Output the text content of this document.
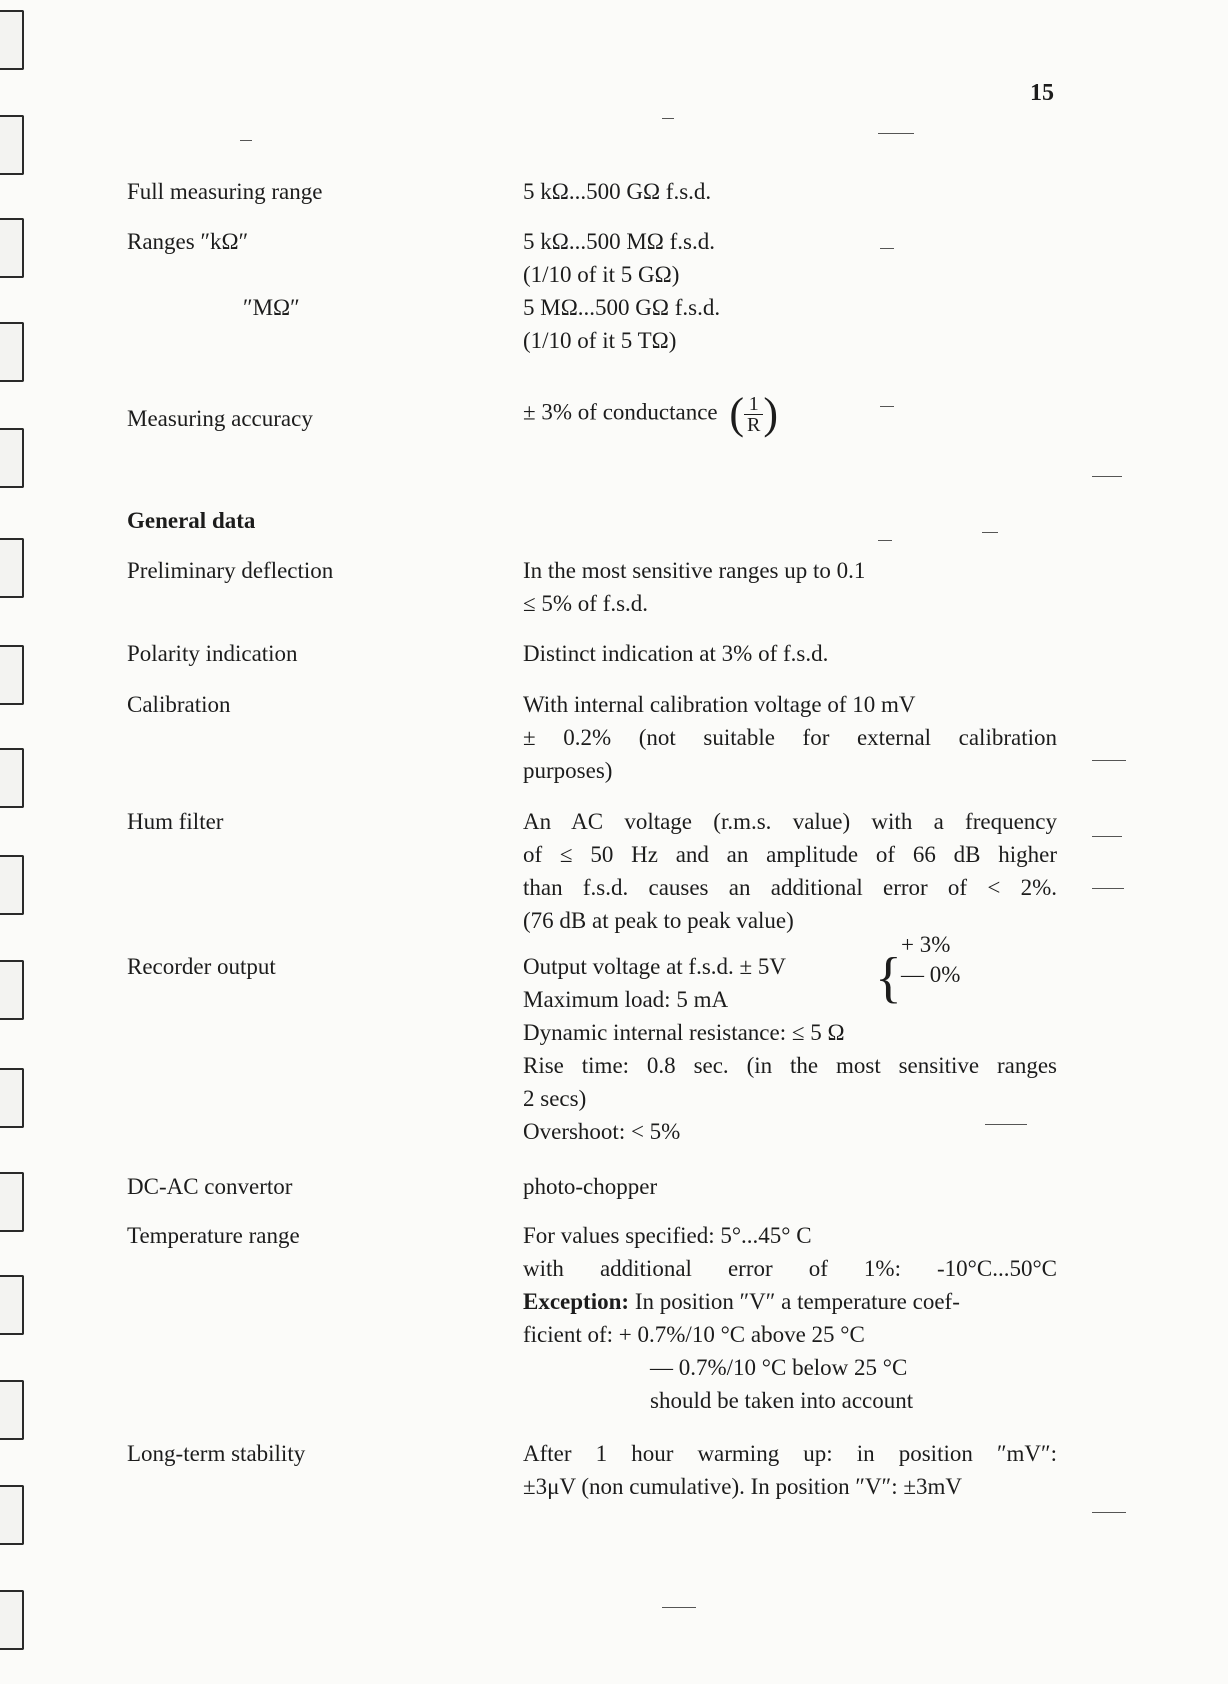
15
Full measuring range	5 kΩ...500 GΩ f.s.d.
Ranges ″kΩ″	5 kΩ...500 MΩ f.s.d.
(1/10 of it 5 GΩ)
″MΩ″	5 MΩ...500 GΩ f.s.d.
(1/10 of it 5 TΩ)
Measuring accuracy	± 3% of conductance ( $\frac{1}{R}$ )
General data
Preliminary deflection	In the most sensitive ranges up to 0.1
≤ 5% of f.s.d.
Polarity indication	Distinct indication at 3% of f.s.d.
Calibration	With internal calibration voltage of 10 mV
± 0.2% (not suitable for external calibration
purposes)
Hum filter	An AC voltage (r.m.s. value) with a frequency
of ≤ 50 Hz and an amplitude of 66 dB higher
than f.s.d. causes an additional error of < 2%.
(76 dB at peak to peak value)
Recorder output	Output voltage at f.s.d. ± 5V	{
+ 3%
— 0%
Maximum load: 5 mA
Dynamic internal resistance: ≤ 5 Ω
Rise time: 0.8 sec. (in the most sensitive ranges
2 secs)
Overshoot: < 5%
DC-AC convertor	photo-chopper
Temperature range	For values specified: 5°...45° C
with additional error of 1%: -10°C...50°C
Exception: In position ″V″ a temperature coef-
ficient of: + 0.7%/10 °C above 25 °C
— 0.7%/10 °C below 25 °C
should be taken into account
Long-term stability	After 1 hour warming up: in position ″mV″:
±3μV (non cumulative). In position ″V″: ±3mV
